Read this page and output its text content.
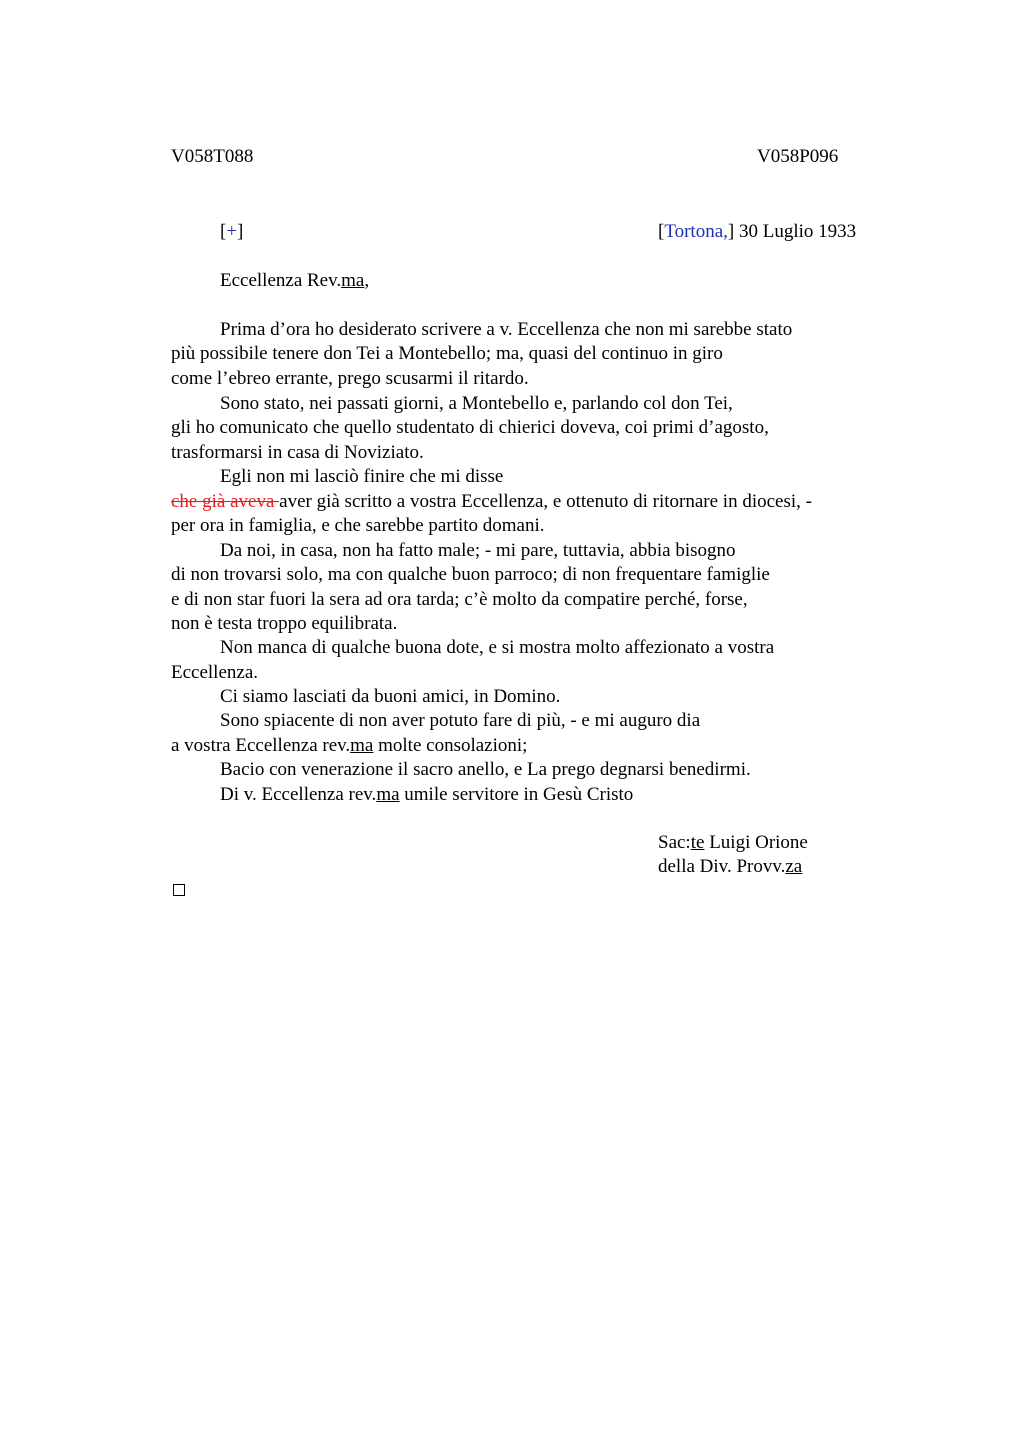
V058T088	V058P096
[+]	[Tortona,] 30 Luglio 1933
Eccellenza Rev.ma,
Prima d’ora ho desiderato scrivere a v. Eccellenza che non mi sarebbe stato
più possibile tenere don Tei a Montebello; ma, quasi del continuo in giro
come l’ebreo errante, prego scusarmi il ritardo.
Sono stato, nei passati giorni, a Montebello e, parlando col don Tei,
gli ho comunicato che quello studentato di chierici doveva, coi primi d’agosto,
trasformarsi in casa di Noviziato.
Egli non mi lasciò finire che mi disse
che già aveva aver già scritto a vostra Eccellenza, e ottenuto di ritornare in diocesi, -
per ora in famiglia, e che sarebbe partito domani.
Da noi, in casa, non ha fatto male; - mi pare, tuttavia, abbia bisogno
di non trovarsi solo, ma con qualche buon parroco; di non frequentare famiglie
e di non star fuori la sera ad ora tarda; c’è molto da compatire perché, forse,
non è testa troppo equilibrata.
Non manca di qualche buona dote, e si mostra molto affezionato a vostra
Eccellenza.
Ci siamo lasciati da buoni amici, in Domino.
Sono spiacente di non aver potuto fare di più, - e mi auguro dia
a vostra Eccellenza rev.ma molte consolazioni;
Bacio con venerazione il sacro anello, e La prego degnarsi benedirmi.
Di v. Eccellenza rev.ma umile servitore in Gesù Cristo
Sac:te Luigi Orione
della Div. Provv.za
